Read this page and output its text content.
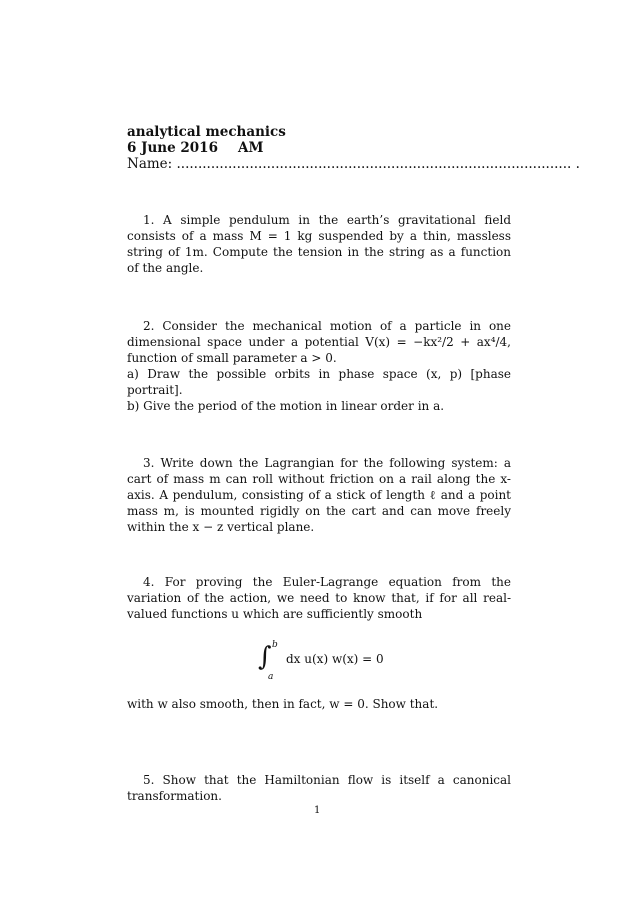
analytical mechanics
6 June 2016 AM
Name: ............................................................................................ .

1. A simple pendulum in the earth’s gravitational field consists of a mass M = 1 kg suspended by a thin, massless string of 1m. Compute the tension in the string as a function of the angle.

2. Consider the mechanical motion of a particle in one dimensional space under a potential V(x) = −kx²/2 + ax⁴/4, function of small parameter a > 0.

a) Draw the possible orbits in phase space (x, p) [phase portrait].

b) Give the period of the motion in linear order in a.

3. Write down the Lagrangian for the following system: a cart of mass m can roll without friction on a rail along the x-axis. A pendulum, consisting of a stick of length ℓ and a point mass m, is mounted rigidly on the cart and can move freely within the x − z vertical plane.

4. For proving the Euler-Lagrange equation from the variation of the action, we need to know that, if for all real-valued functions u which are sufficiently smooth

∫ b
a
dx u(x) w(x) = 0
with w also smooth, then in fact, w = 0. Show that.

5. Show that the Hamiltonian flow is itself a canonical transformation.

1
